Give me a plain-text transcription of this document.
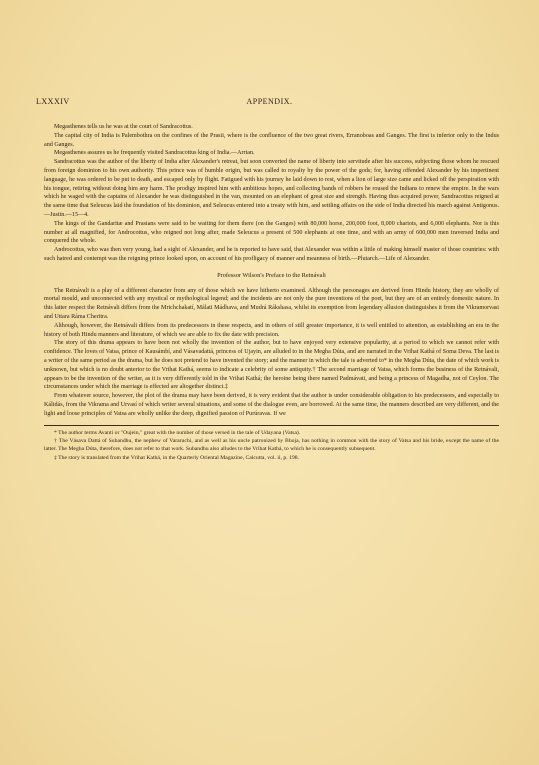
LXXXIV	APPENDIX.

Megasthenes tells us he was at the court of Sandracottus.

The capital city of India is Palembothra on the confines of the Prasii, where is the confluence of the two great rivers, Erranoboas and Ganges. The first is inferior only to the Indus and Ganges.

Megasthenes assures us he frequently visited Sandracottus king of India.—Arrian.

Sandracottus was the author of the liberty of India after Alexander's retreat, but soon converted the name of liberty into servitude after his success, subjecting those whom he rescued from foreign dominion to his own authority. This prince was of humble origin, but was called to royalty by the power of the gods; for, having offended Alexander by his impertinent language, he was ordered to be put to death, and escaped only by flight. Fatigued with his journey he laid down to rest, when a lion of large size came and licked off the perspiration with his tongue, retiring without doing him any harm. The prodigy inspired him with ambitious hopes, and collecting bands of robbers he roused the Indians to renew the empire. In the wars which he waged with the captains of Alexander he was distinguished in the van, mounted on an elephant of great size and strength. Having thus acquired power, Sandracottus reigned at the same time that Seleucus laid the foundation of his dominion, and Seleucus entered into a treaty with him, and settling affairs on the side of India directed his march against Antigonus.—Justin.—15—4.

The kings of the Gandaritæ and Prasians were said to be waiting for them there (on the Ganges) with 80,000 horse, 200,000 foot, 8,000 chariots, and 6,000 elephants. Nor is this number at all magnified, for Androcottus, who reigned not long after, made Seleucus a present of 500 elephants at one time, and with an army of 600,000 men traversed India and conquered the whole.

Androcottus, who was then very young, had a sight of Alexander, and he is reported to have said, that Alexander was within a little of making himself master of those countries: with such hatred and contempt was the reigning prince looked upon, on account of his profligacy of manner and meanness of birth.—Plutarch.—Life of Alexander.

Professor Wilson's Preface to the Retnávali

The Retnávali is a play of a different character from any of those which we have hitherto examined. Although the personages are derived from Hindu history, they are wholly of mortal mould, and unconnected with any mystical or mythological legend; and the incidents are not only the pure inventions of the poet, but they are of an entirely domestic nature. In this latter respect the Retnávali differs from the Mrichchakatí, Málati Mádhava, and Mudrá Rákshasa, whilst its exemption from legendary allusion distinguishes it from the Vikramorvasi and Uttara Ráma Cheritra.

Although, however, the Retnávali differs from its predecessors in these respects, and in others of still greater importance, it is well entitled to attention, as establishing an era in the history of both Hindu manners and literature, of which we are able to fix the date with precision.

The story of this drama appears to have been not wholly the invention of the author, but to have enjoyed very extensive popularity, at a period to which we cannot refer with confidence. The loves of Vatsa, prince of Kausámbí, and Vásavadattá, princess of Ujayin, are alluded to in the Megha Dúta, and are narrated in the Vrihat Kathá of Soma Deva. The last is a writer of the same period as the drama, but he does not pretend to have invented the story; and the manner in which the tale is adverted to* in the Megha Dúta, the date of which work is unknown, but which is no doubt anterior to the Vrihat Kathá, seems to indicate a celebrity of some antiquity.† The second marriage of Vatsa, which forms the business of the Retnávali, appears to be the invention of the writer, as it is very differently told in the Vrihat Kathá; the heroine being there named Padmávati, and being a princess of Magadha, not of Ceylon. The circumstances under which the marriage is effected are altogether distinct.‡

From whatever source, however, the plot of the drama may have been derived, it is very evident that the author is under considerable obligation to his predecessors, and especially to Kálidás, from the Vikrama and Urvasí of which writer several situations, and some of the dialogue even, are borrowed. At the same time, the manners described are very different, and the light and loose principles of Vatsa are wholly unlike the deep, dignified passion of Purúravas. If we

* The author terms Avanti or "Oujein," great with the number of those versed in the tale of Udayana (Vatsa).

† The Vásava Dattá of Subandhu, the nephew of Vararuchi, and as well as his uncle patronized by Bhoja, has nothing in common with the story of Vatsa and his bride, except the name of the latter. The Megha Dúta, therefore, does not refer to that work. Subandhu also alludes to the Vrihat Kathá, to which he is consequently subsequent.

‡ The story is translated from the Vrihat Kathá, in the Quarterly Oriental Magazine, Calcutta, vol. ii, p. 198.
